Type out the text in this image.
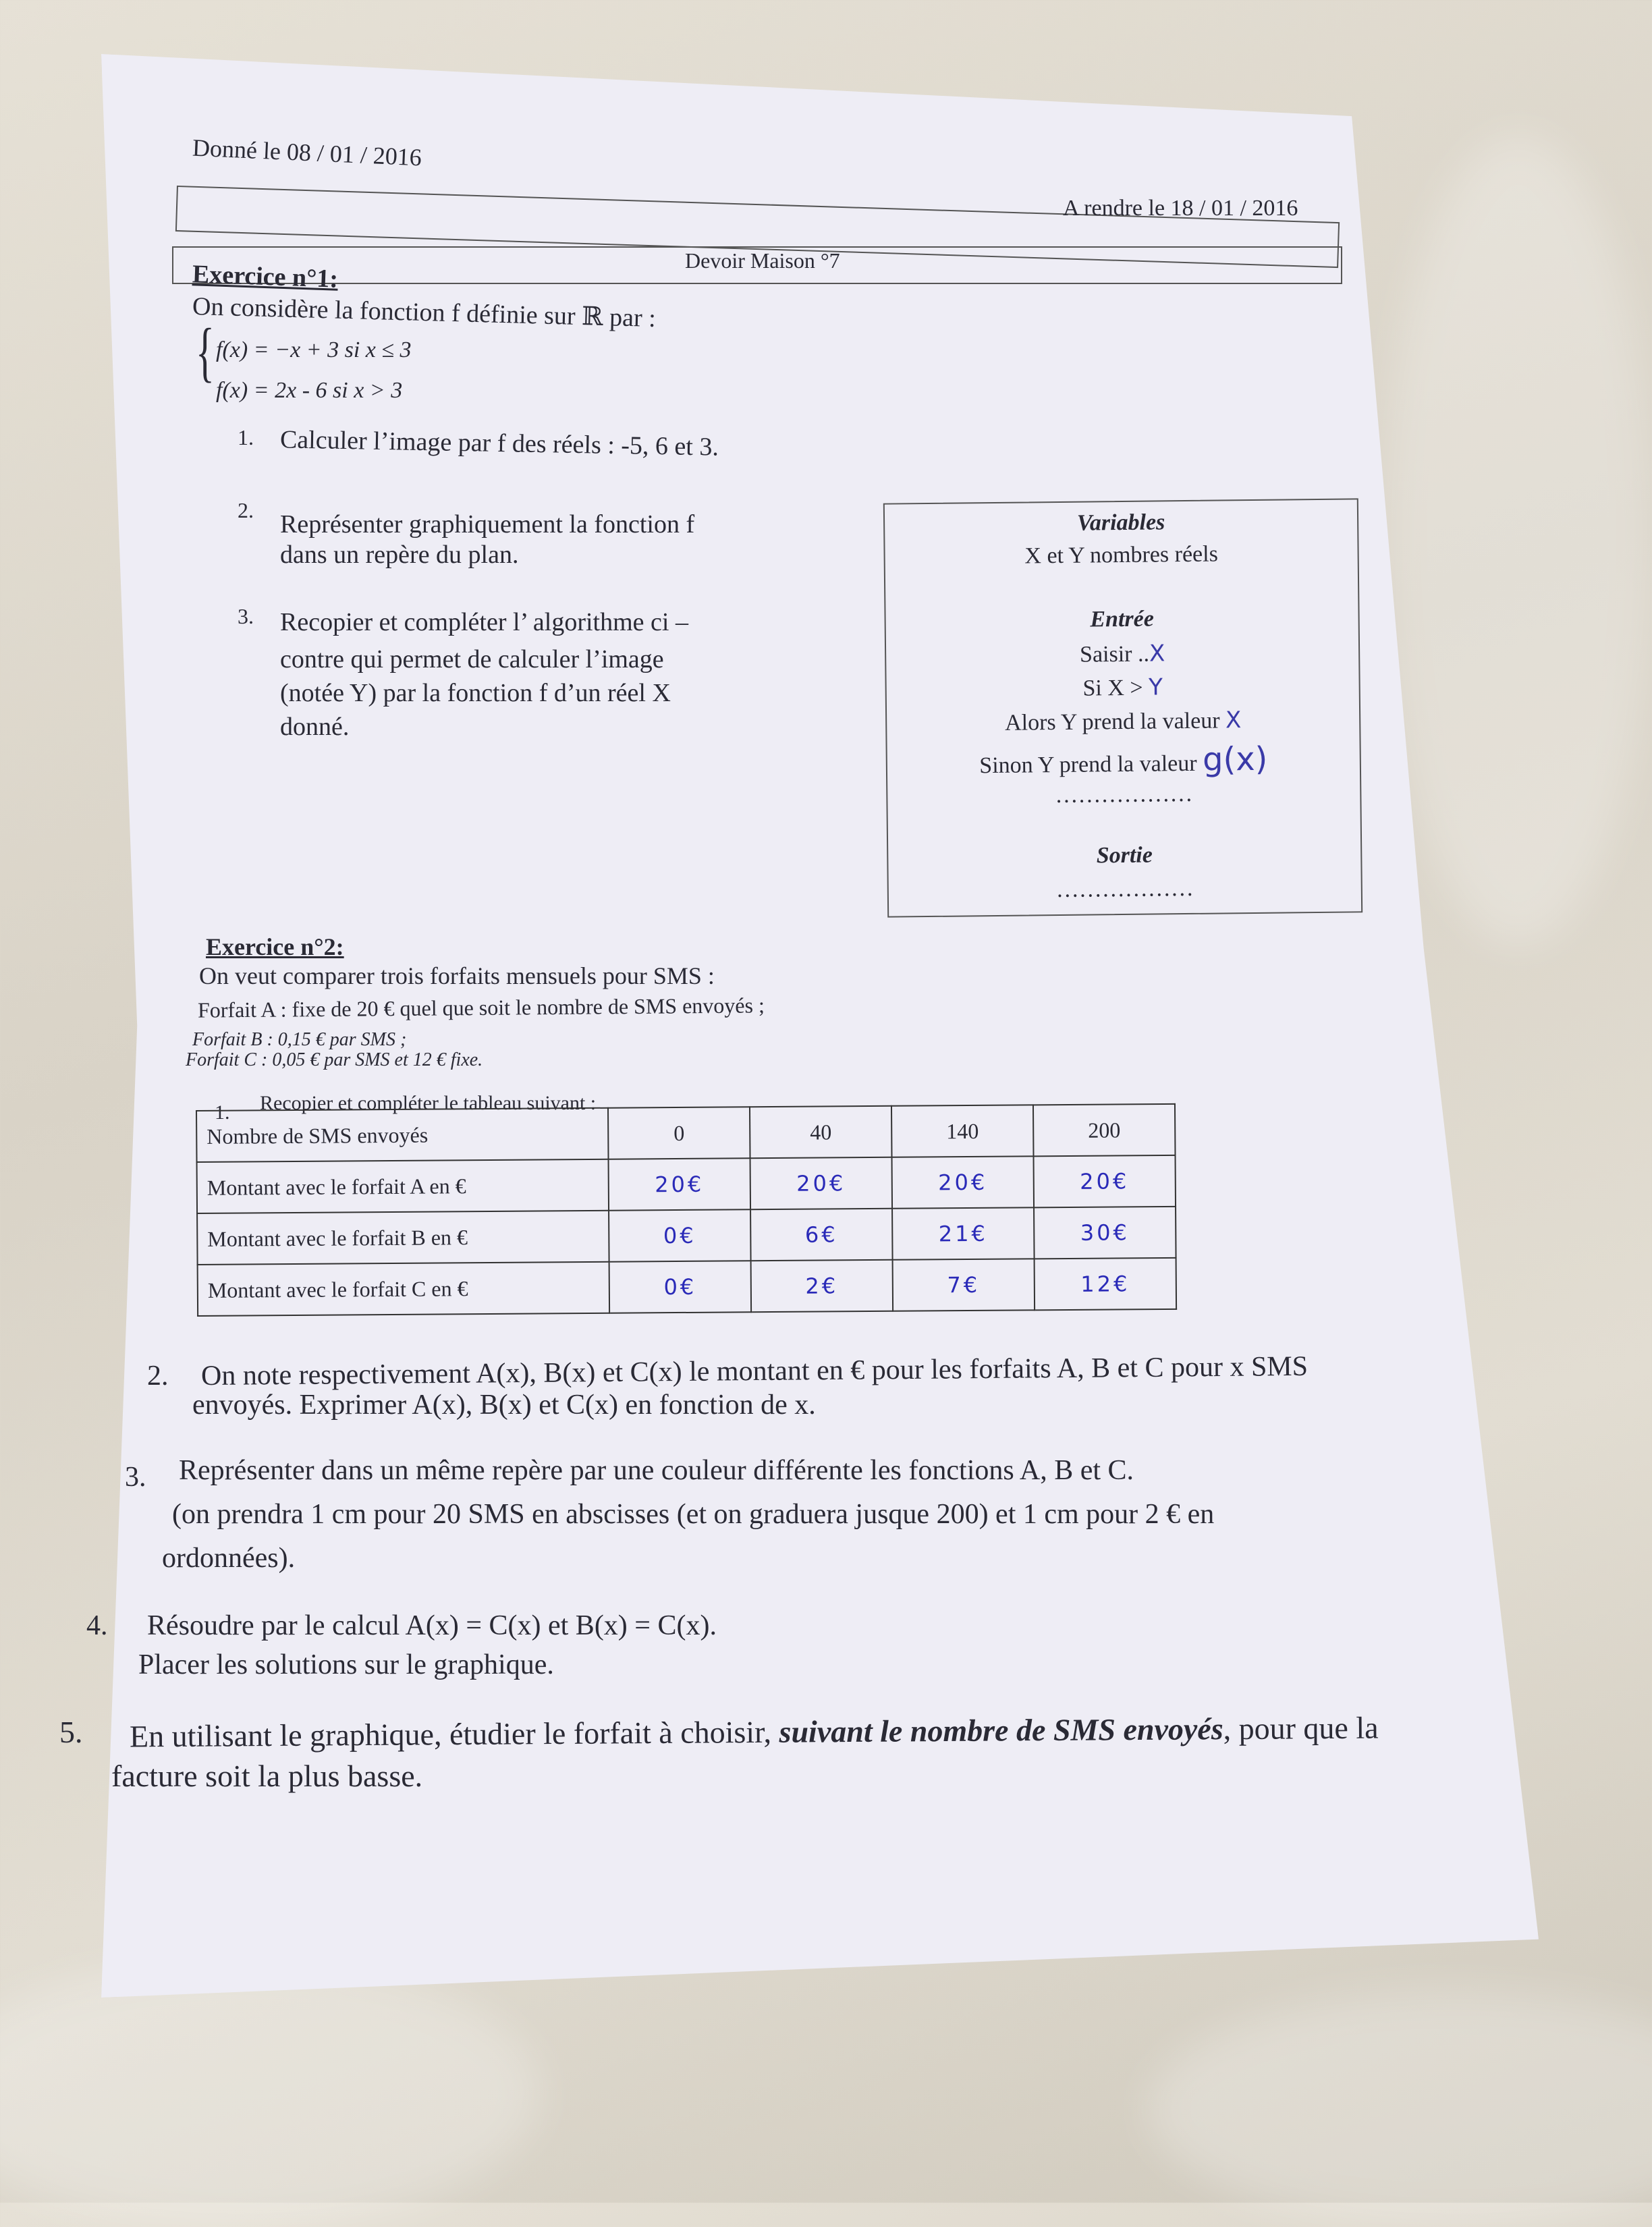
Donné le 08 / 01 / 2016
A rendre le 18 / 01 / 2016
Devoir Maison °7
Exercice n°1:
On considère la fonction f définie sur ℝ par :
{ f(x) = −x + 3 si x ≤ 3
f(x) = 2x - 6 si x > 3
1. Calculer l’image par f des réels : -5, 6 et 3.
2. Représenter graphiquement la fonction f
dans un repère du plan.
3. Recopier et compléter l’ algorithme ci –
contre qui permet de calculer l’image
(notée Y) par la fonction f d’un réel X
donné.
Variables
X et Y nombres réels
Entrée
Saisir ..X
Si X > Y
Alors Y prend la valeur X
Sinon Y prend la valeur g(x)
………………
Sortie
………………
Exercice n°2:
On veut comparer trois forfaits mensuels pour SMS :
Forfait A : fixe de 20 € quel que soit le nombre de SMS envoyés ;
Forfait B : 0,15 € par SMS ;
Forfait C : 0,05 € par SMS et 12 € fixe.
1. Recopier et compléter le tableau suivant :
Nombre de SMS envoyés	0	40	140	200
Montant avec le forfait A en €	20€	20€	20€	20€
Montant avec le forfait B en €	0€	6€	21€	30€
Montant avec le forfait C en €	0€	2€	7€	12€
2. On note respectivement A(x), B(x) et C(x) le montant en € pour les forfaits A, B et C pour x SMS
envoyés. Exprimer A(x), B(x) et C(x) en fonction de x.
3. Représenter dans un même repère par une couleur différente les fonctions A, B et C.
(on prendra 1 cm pour 20 SMS en abscisses (et on graduera jusque 200) et 1 cm pour 2 € en
ordonnées).
4. Résoudre par le calcul A(x) = C(x) et B(x) = C(x).
Placer les solutions sur le graphique.
5. En utilisant le graphique, étudier le forfait à choisir, suivant le nombre de SMS envoyés, pour que la
facture soit la plus basse.
